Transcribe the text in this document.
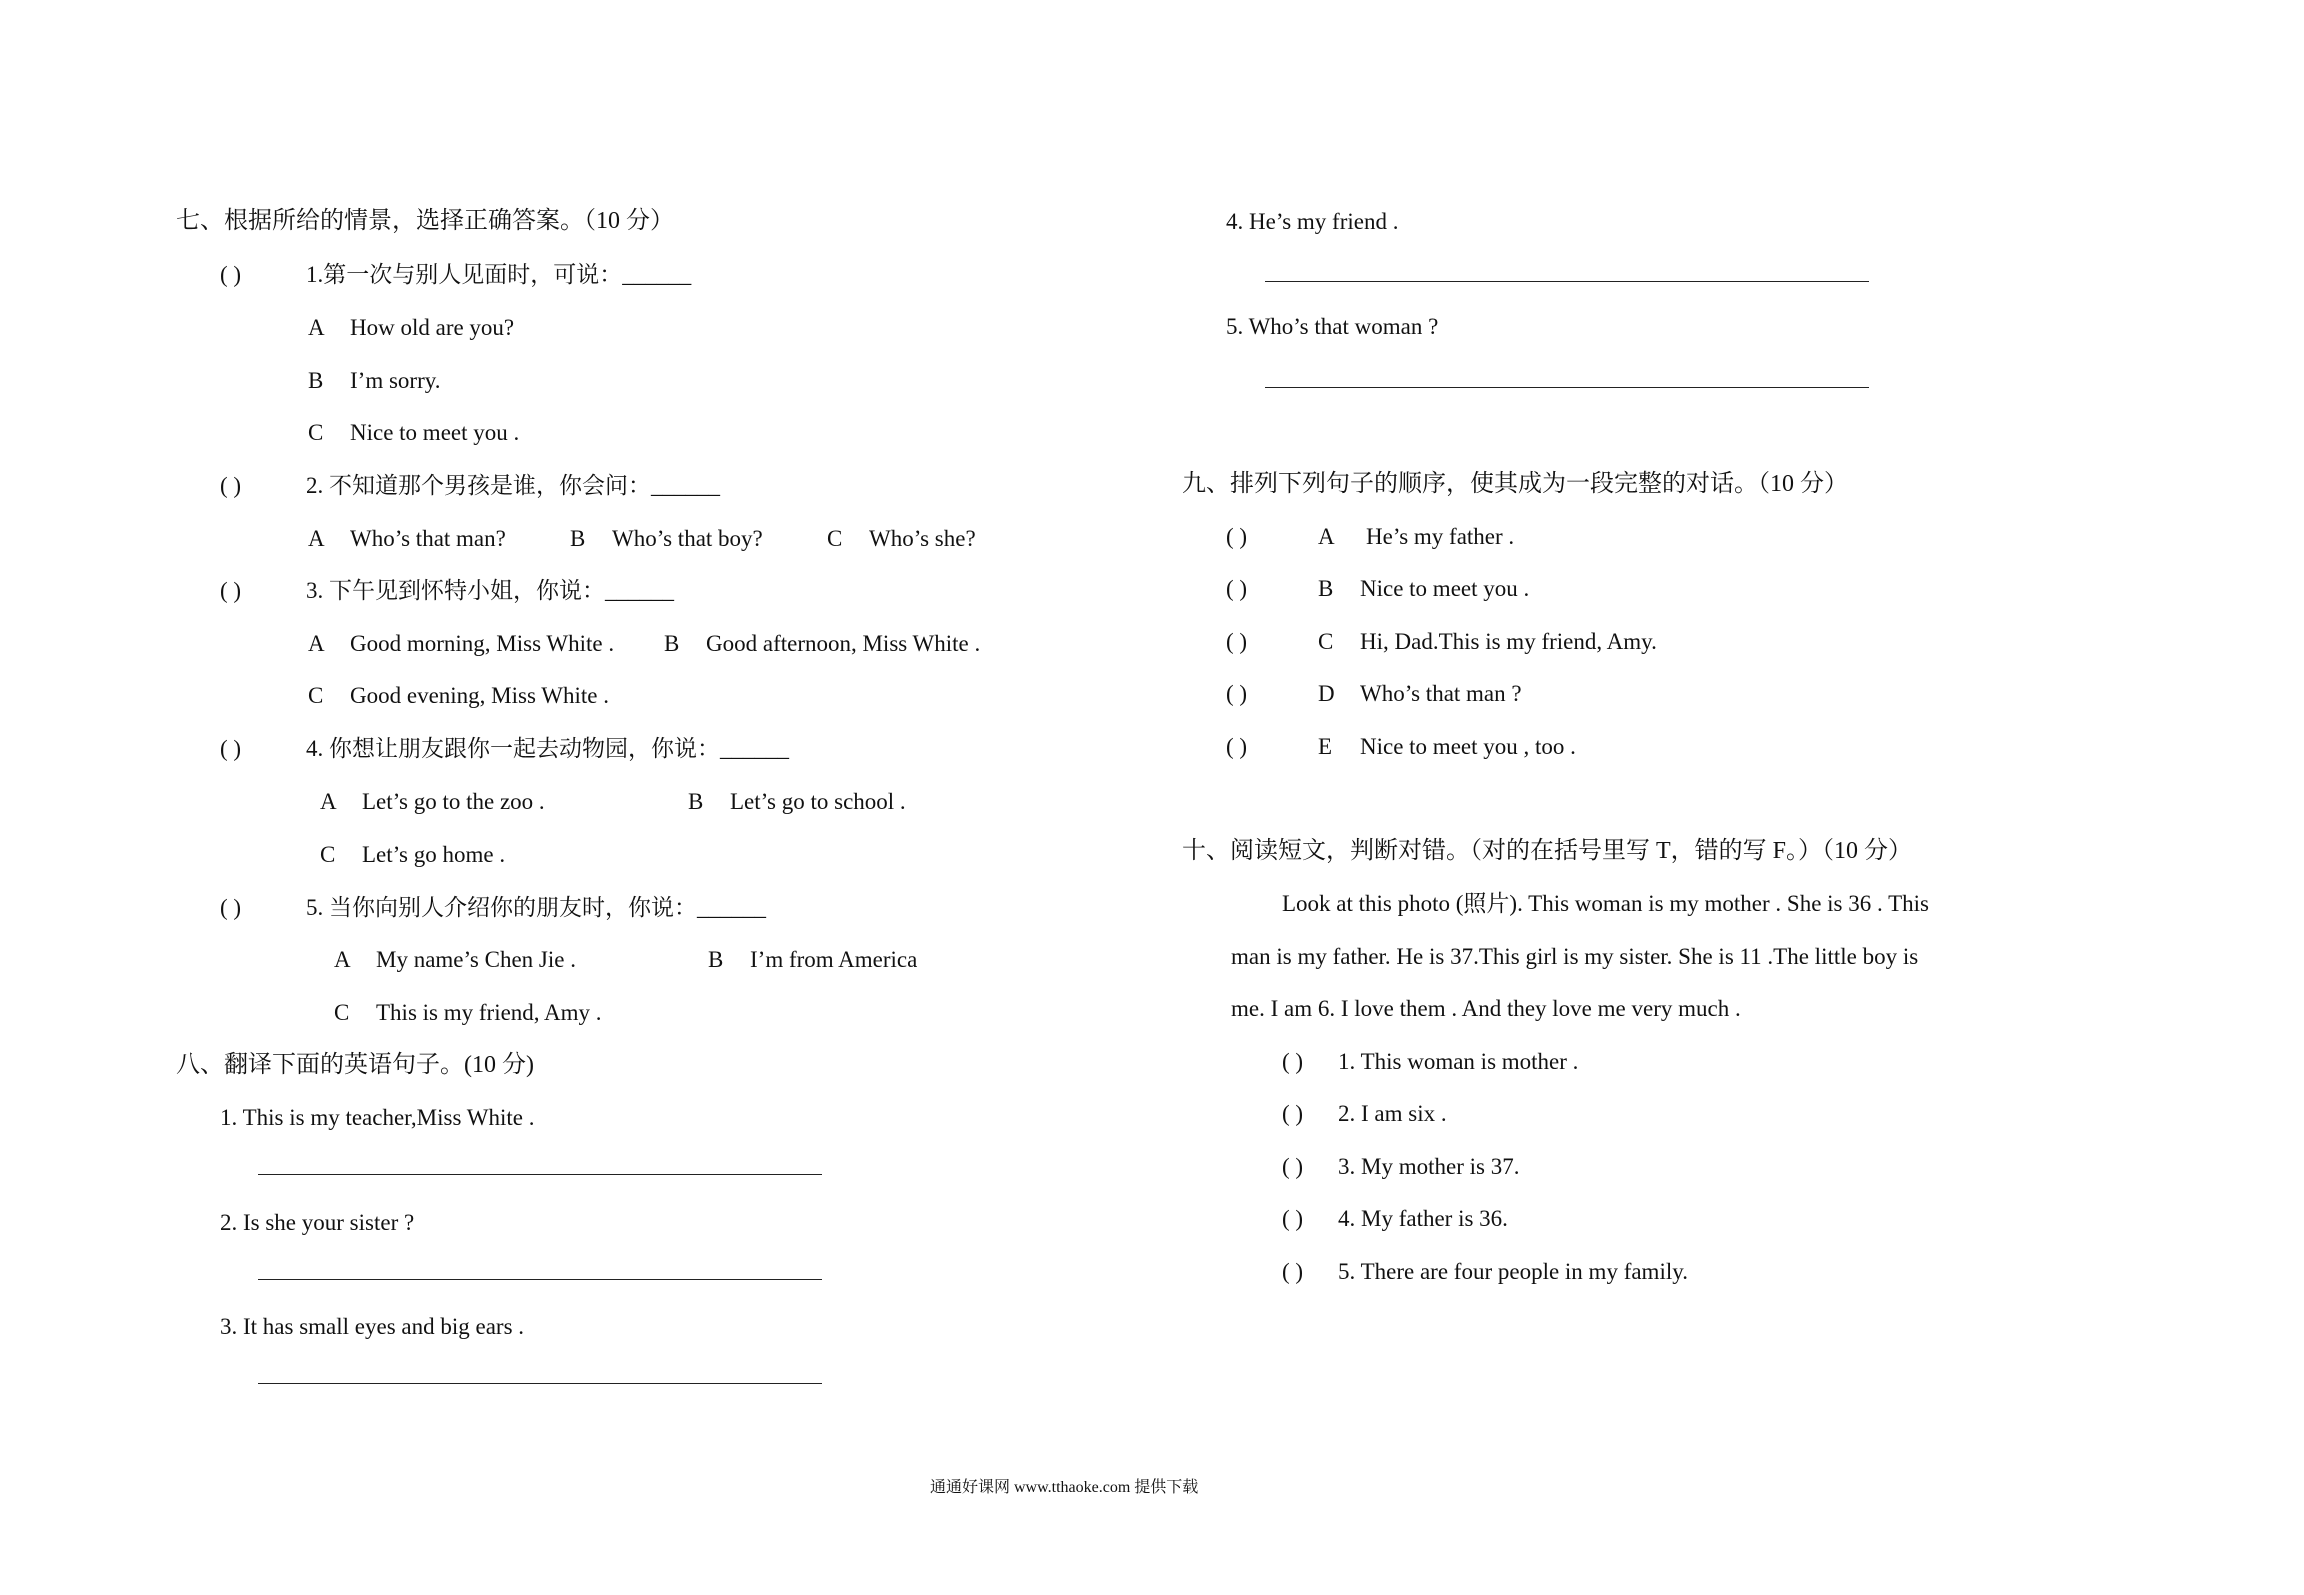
七、根据所给的情景，选择正确答案。（10 分）
( )	1.第一次与别人见面时，可说：______
A How old are you?
B I’m sorry.
C Nice to meet you .
( )	2. 不知道那个男孩是谁，你会问：______
A Who’s that man?	B Who’s that boy?	C Who’s she?
( )	3. 下午见到怀特小姐，你说：______
A Good morning, Miss White . B Good afternoon, Miss White .
C Good evening, Miss White .
( )	4. 你想让朋友跟你一起去动物园，你说：______
A Let’s go to the zoo .	B Let’s go to school .
C Let’s go home .
( )	5. 当你向别人介绍你的朋友时，你说：______
A My name’s Chen Jie .	B I’m from America
C This is my friend, Amy .
八、翻译下面的英语句子。(10 分)
1. This is my teacher,Miss White .
2. Is she your sister ?
3. It has small eyes and big ears .
4. He’s my friend .
5. Who’s that woman ?
九、排列下列句子的顺序，使其成为一段完整的对话。（10 分）
( )	A He’s my father .
( )	B Nice to meet you .
( )	C Hi, Dad.This is my friend, Amy.
( )	D Who’s that man ?
( )	E Nice to meet you , too .
十、阅读短文，判断对错。（对的在括号里写 T，错的写 F。）（10 分）
Look at this photo (照片). This woman is my mother . She is 36 . This
man is my father. He is 37.This girl is my sister. She is 11 .The little boy is
me. I am 6. I love them . And they love me very much .
( ) 1. This woman is mother .
( ) 2. I am six .
( ) 3. My mother is 37.
( ) 4. My father is 36.
( ) 5. There are four people in my family.
通通好课网 www.tthaoke.com 提供下载
